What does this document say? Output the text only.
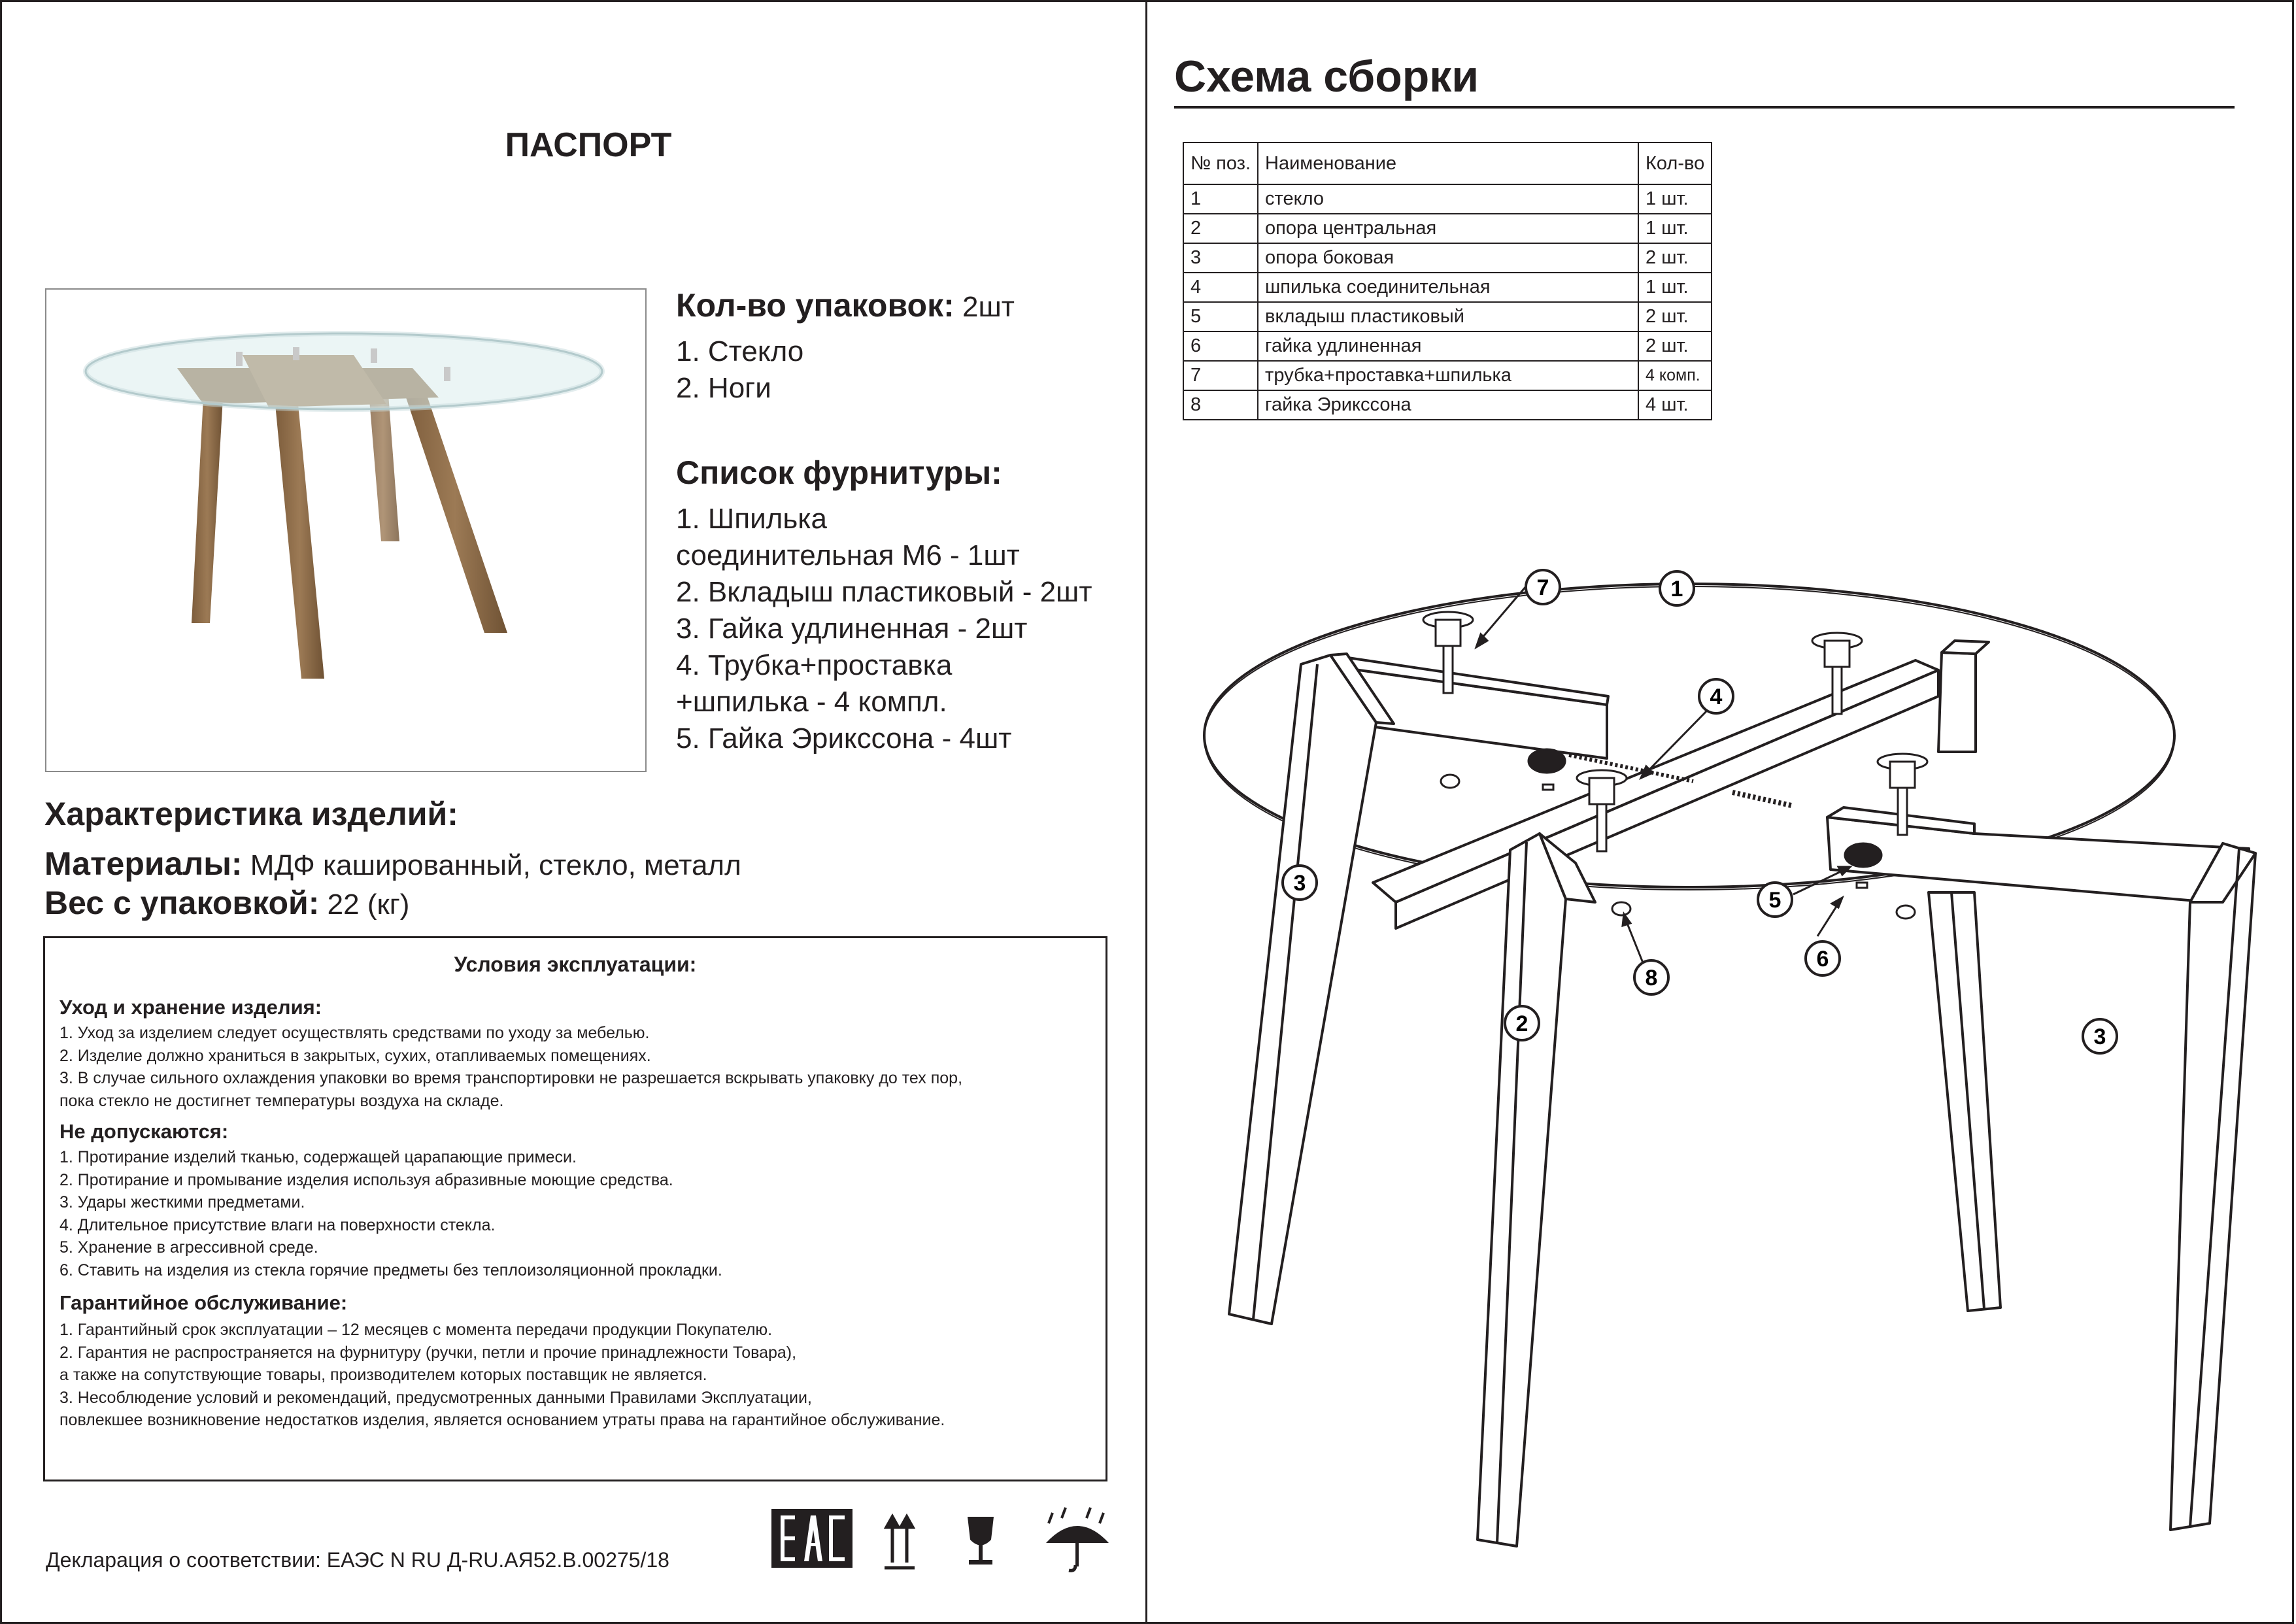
ПАСПОРТ
Кол-во упаковок: 2шт
1. Стекло
2. Ноги
Список фурнитуры:
1. Шпилька
соединительная М6 - 1шт
2. Вкладыш пластиковый - 2шт
3. Гайка удлиненная - 2шт
4. Трубка+проставка
+шпилька - 4 компл.
5. Гайка Эрикссона - 4шт
Характеристика изделий:
Материалы: МДФ кашированный, стекло, металл
Вес с упаковкой: 22 (кг)
Условия эксплуатации:
Уход и хранение изделия:
1. Уход за изделием следует осуществлять средствами по уходу за мебелью.
2. Изделие должно храниться в закрытых, сухих, отапливаемых помещениях.
3. В случае сильного охлаждения упаковки во время транспортировки не разрешается вскрывать упаковку до тех пор,
пока стекло не достигнет температуры воздуха на складе.
Не допускаются:
1. Протирание изделий тканью, содержащей царапающие примеси.
2. Протирание и промывание изделия используя абразивные моющие средства.
3. Удары жесткими предметами.
4. Длительное присутствие влаги на поверхности стекла.
5. Хранение в агрессивной среде.
6. Ставить на изделия из стекла горячие предметы без теплоизоляционной прокладки.
Гарантийное обслуживание:
1. Гарантийный срок эксплуатации – 12 месяцев с момента передачи продукции Покупателю.
2. Гарантия не распространяется на фурнитуру (ручки, петли и прочие принадлежности Товара),
а также на сопутствующие товары, производителем которых поставщик не является.
3. Несоблюдение условий и рекомендаций, предусмотренных данными Правилами Эксплуатации,
повлекшее возникновение недостатков изделия, является основанием утраты права на гарантийное обслуживание.
Декларация о соответствии: ЕАЭС N RU Д-RU.АЯ52.В.00275/18
Схема сборки
№ поз.	Наименование	Кол-во
1	стекло	1 шт.
2	опора центральная	1 шт.
3	опора боковая	2 шт.
4	шпилька соединительная	1 шт.
5	вкладыш пластиковый	2 шт.
6	гайка удлиненная	2 шт.
7	трубка+проставка+шпилька	4 комп.
8	гайка Эрикссона	4 шт.
7	1
4
3
5
6
8
2
3
